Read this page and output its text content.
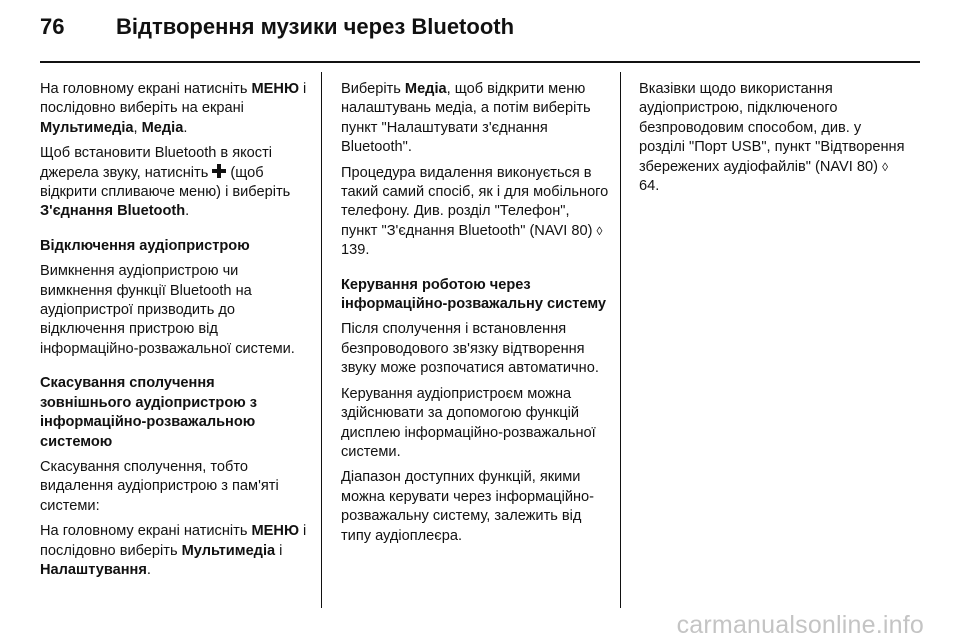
76 Відтворення музики через Bluetooth

На головному екрані натисніть МЕНЮ і послідовно виберіть на екрані Мультимедіа, Медіа.

Щоб встановити Bluetooth в якості джерела звуку, натисніть  (щоб відкрити спливаюче меню) і виберіть З'єднання Bluetooth.

Відключення аудіопристрою

Вимкнення аудіопристрою чи вимкнення функції Bluetooth на аудіопристрої призводить до відключення пристрою від інформаційно-розважальної системи.

Скасування сполучення зовнішнього аудіопристрою з інформаційно-розважальною системою

Скасування сполучення, тобто видалення аудіопристрою з пам'яті системи:

На головному екрані натисніть МЕНЮ і послідовно виберіть Мультимедіа і Налаштування.

Виберіть Медіа, щоб відкрити меню налаштувань медіа, а потім виберіть пункт "Налаштувати з'єднання Bluetooth".

Процедура видалення виконується в такий самий спосіб, як і для мобільного телефону. Див. розділ "Телефон", пункт "З'єднання Bluetooth" (NAVI 80) ◊ 139.

Керування роботою через інформаційно-розважальну систему

Після сполучення і встановлення безпроводового зв'язку відтворення звуку може розпочатися автоматично.

Керування аудіопристроєм можна здійснювати за допомогою функцій дисплею інформаційно-розважальної системи.

Діапазон доступних функцій, якими можна керувати через інформаційно-розважальну систему, залежить від типу аудіоплеєра.

Вказівки щодо використання аудіопристрою, підключеного безпроводовим способом, див. у розділі "Порт USB", пункт "Відтворення збережених аудіофайлів" (NAVI 80) ◊ 64.

carmanualsonline.info
